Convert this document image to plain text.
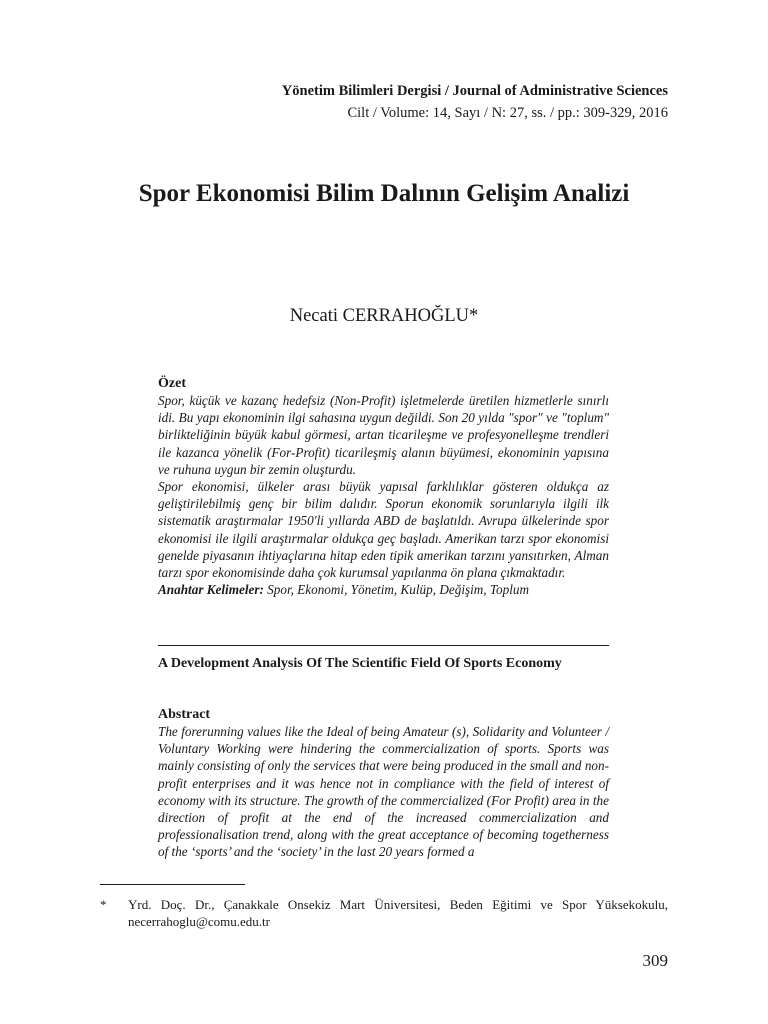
Yönetim Bilimleri Dergisi / Journal of Administrative Sciences
Cilt / Volume: 14, Sayı / N: 27, ss. / pp.: 309-329, 2016
Spor Ekonomisi Bilim Dalının Gelişim Analizi
Necati CERRAHOĞLU*
Özet

Spor, küçük ve kazanç hedefsiz (Non-Profit) işletmelerde üretilen hizmetlerle sınırlı idi. Bu yapı ekonominin ilgi sahasına uygun değildi. Son 20 yılda "spor" ve "toplum" birlikteliğinin büyük kabul görmesi, artan ticarileşme ve profesyonelleşme trendleri ile kazanca yönelik (For-Profit) ticarileşmiş alanın büyümesi, ekonominin yapısına ve ruhuna uygun bir zemin oluşturdu.

Spor ekonomisi, ülkeler arası büyük yapısal farklılıklar gösteren oldukça az geliştirilebilmiş genç bir bilim dalıdır. Sporun ekonomik sorunlarıyla ilgili ilk sistematik araştırmalar 1950'li yıllarda ABD de başlatıldı. Avrupa ülkelerinde spor ekonomisi ile ilgili araştırmalar oldukça geç başladı. Amerikan tarzı spor ekonomisi genelde piyasanın ihtiyaçlarına hitap eden tipik amerikan tarzını yansıtırken, Alman tarzı spor ekonomisinde daha çok kurumsal yapılanma ön plana çıkmaktadır.

Anahtar Kelimeler: Spor, Ekonomi, Yönetim, Kulüp, Değişim, Toplum

A Development Analysis Of The Scientific Field Of Sports Economy
Abstract

The forerunning values like the Ideal of being Amateur (s), Solidarity and Volunteer / Voluntary Working were hindering the commercialization of sports. Sports was mainly consisting of only the services that were being produced in the small and non-profit enterprises and it was hence not in compliance with the field of interest of economy with its structure. The growth of the commercialized (For Profit) area in the direction of profit at the end of the increased commercialization and professionalisation trend, along with the great acceptance of becoming togetherness of the ‘sports’ and the ‘society’ in the last 20 years formed a

* Yrd. Doç. Dr., Çanakkale Onsekiz Mart Üniversitesi, Beden Eğitimi ve Spor Yüksekokulu, necerrahoglu@comu.edu.tr
309
